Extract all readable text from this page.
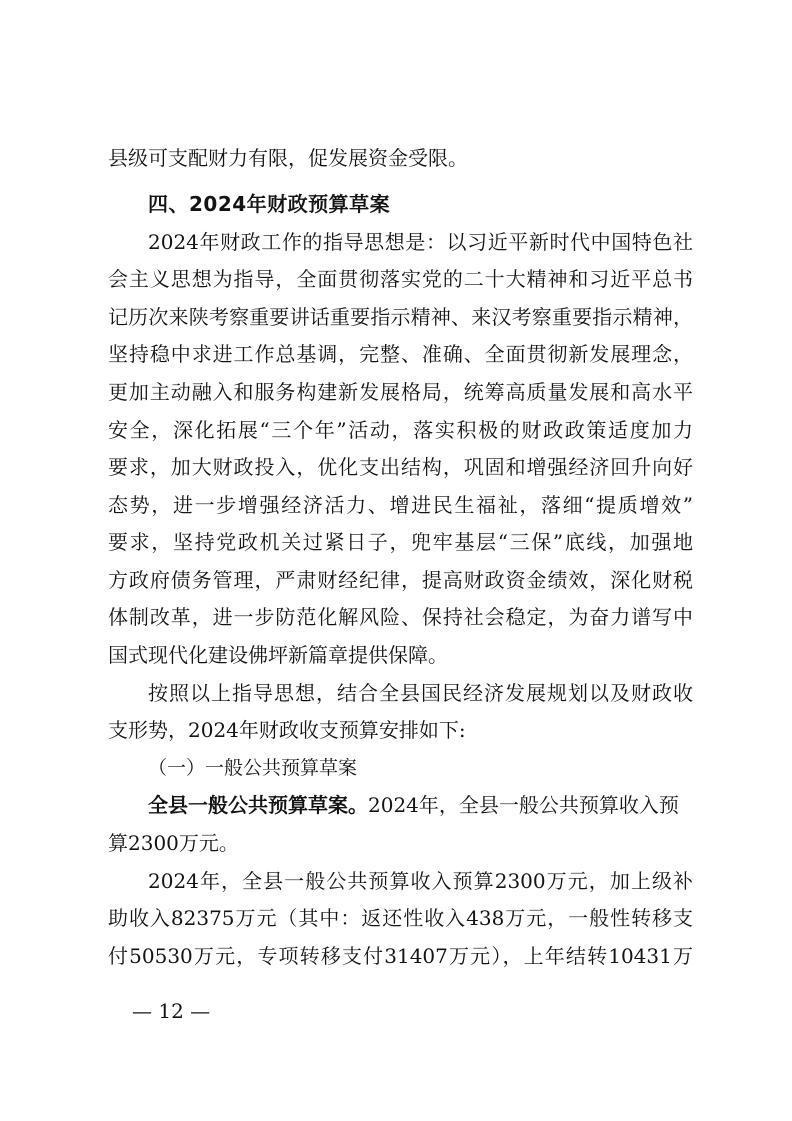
县级可支配财力有限，促发展资金受限。
四、2024年财政预算草案
2024年财政工作的指导思想是：以习近平新时代中国特色社
会主义思想为指导，全面贯彻落实党的二十大精神和习近平总书
记历次来陕考察重要讲话重要指示精神、来汉考察重要指示精神，
坚持稳中求进工作总基调，完整、准确、全面贯彻新发展理念，
更加主动融入和服务构建新发展格局，统筹高质量发展和高水平
安全，深化拓展“三个年”活动，落实积极的财政政策适度加力
要求，加大财政投入，优化支出结构，巩固和增强经济回升向好
态势，进一步增强经济活力、增进民生福祉，落细“提质增效”
要求，坚持党政机关过紧日子，兜牢基层“三保”底线，加强地
方政府债务管理，严肃财经纪律，提高财政资金绩效，深化财税
体制改革，进一步防范化解风险、保持社会稳定，为奋力谱写中
国式现代化建设佛坪新篇章提供保障。
按照以上指导思想，结合全县国民经济发展规划以及财政收
支形势，2024年财政收支预算安排如下:
（一）一般公共预算草案
全县一般公共预算草案。2024年，全县一般公共预算收入预
算2300万元。
2024年，全县一般公共预算收入预算2300万元，加上级补
助收入82375万元（其中：返还性收入438万元，一般性转移支
付50530万元，专项转移支付31407万元），上年结转10431万
— 12 —
